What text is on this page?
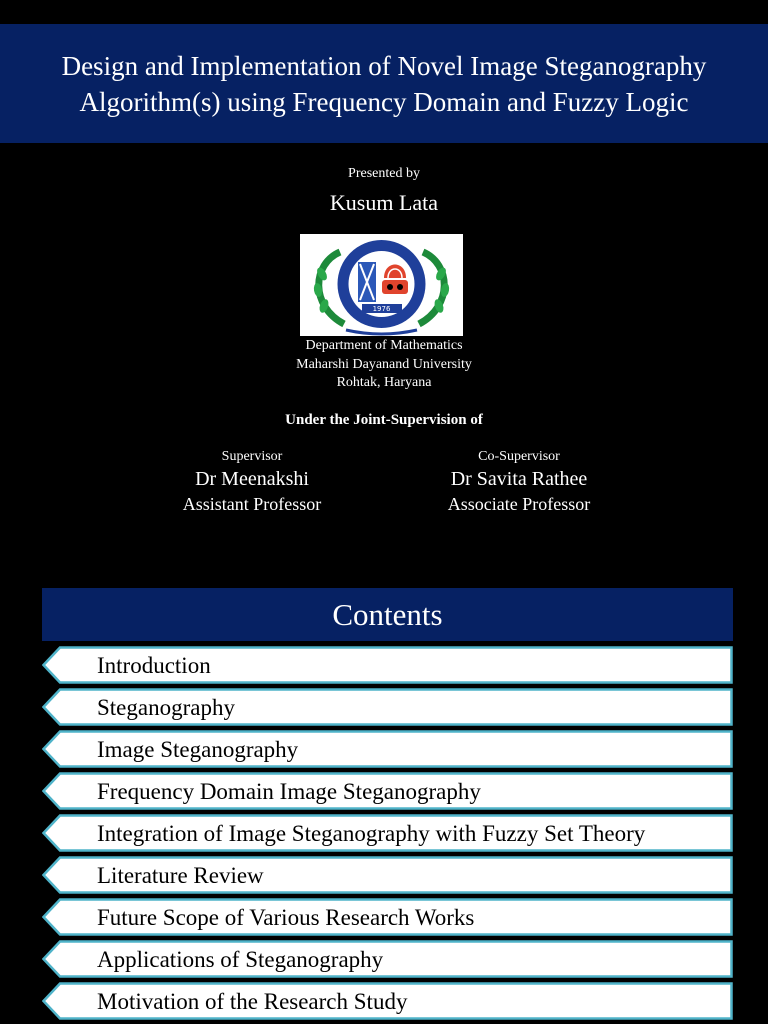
Design and Implementation of Novel Image Steganography
Algorithm(s) using Frequency Domain and Fuzzy Logic
Presented by
Kusum Lata
1976
Department of Mathematics
Maharshi Dayanand University
Rohtak, Haryana
Under the Joint-Supervision of
Supervisor
Dr Meenakshi
Assistant Professor
Co-Supervisor
Dr Savita Rathee
Associate Professor
Contents
Introduction
Steganography
Image Steganography
Frequency Domain Image Steganography
Integration of Image Steganography with Fuzzy Set Theory
Literature Review
Future Scope of Various Research Works
Applications of Steganography
Motivation of the Research Study
